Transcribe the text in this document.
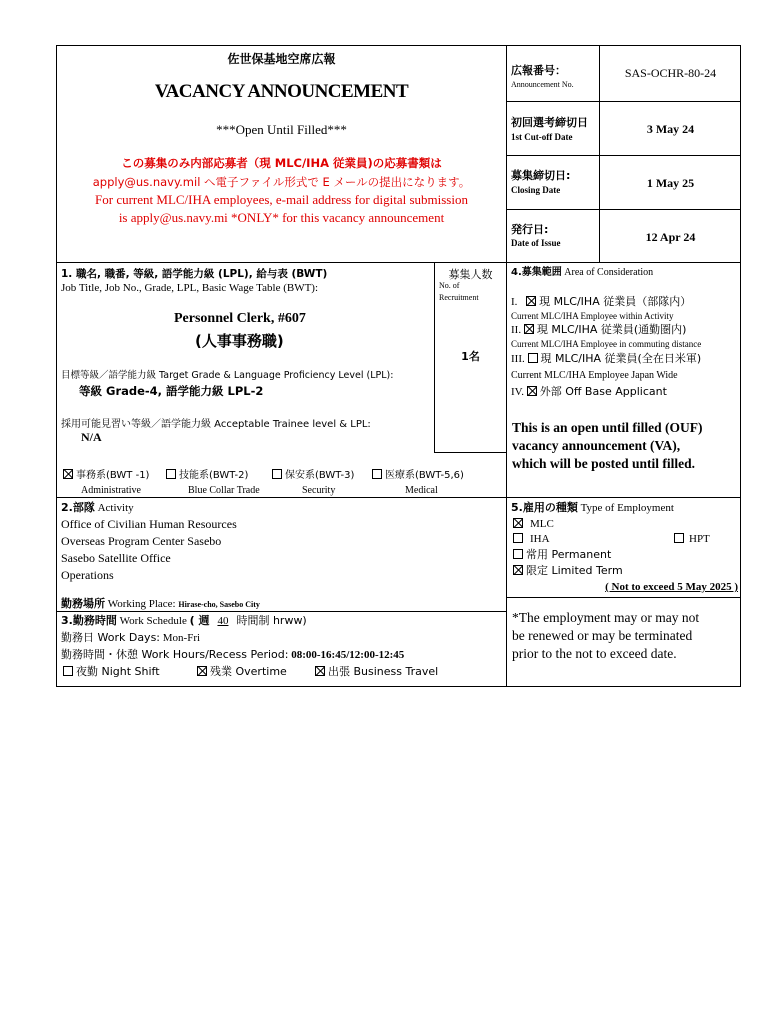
佐世保基地空席広報
VACANCY ANNOUNCEMENT
***Open Until Filled***
この募集のみ内部応募者（現 MLC/IHA 従業員)の応募書類は
apply@us.navy.mil へ電子ファイル形式で E メールの提出になります。
For current MLC/IHA employees, e-mail address for digital submission
is apply@us.navy.mi *ONLY* for this vacancy announcement
広報番号：
Announcement No.
SAS-OCHR-80-24
初回選考締切日
1st Cut-off Date
3 May 24
募集締切日:
Closing Date	1 May 25
発行日:
Date of Issue	12 Apr 24
1. 職名, 職番, 等級, 語学能力級 (LPL), 給与表 (BWT)
Job Title, Job No., Grade, LPL, Basic Wage Table (BWT):
Personnel Clerk, #607
(人事事務職)
目標等級／語学能力級 Target Grade & Language Proficiency Level (LPL):
等級 Grade-4, 語学能力級 LPL-2
採用可能見習い等級／語学能力級 Acceptable Trainee level & LPL:
N/A
募集人数
No. of
Recruitment
1名
事務系(BWT -1)
Administrative
技能系(BWT-2)
Blue Collar Trade
保安系(BWT-3)
Security
医療系(BWT-5,6)
Medical
2.部隊 Activity
Office of Civilian Human Resources
Overseas Program Center Sasebo
Sasebo Satellite Office
Operations
勤務場所 Working Place: Hirase-cho, Sasebo City
3.勤務時間 Work Schedule ( 週 40 時間制 hrww)
勤務日 Work Days: Mon-Fri
勤務時間・休憩 Work Hours/Recess Period: 08:00-16:45/12:00-12:45
夜勤 Night Shift	残業 Overtime	出張 Business Travel
4.募集範囲 Area of Consideration
I. 現 MLC/IHA 従業員（部隊内）
Current MLC/IHA Employee within Activity
II. 現 MLC/IHA 従業員(通勤圏内)
Current MLC/IHA Employee in commuting distance
III. 現 MLC/IHA 従業員(全在日米軍)
Current MLC/IHA Employee Japan Wide
IV. 外部 Off Base Applicant
This is an open until filled (OUF)
vacancy announcement (VA),
which will be posted until filled.
5.雇用の種類 Type of Employment
MLC
IHA	HPT
常用 Permanent
限定 Limited Term
( Not to exceed 5 May 2025 )
*The employment may or may not
be renewed or may be terminated
prior to the not to exceed date.
